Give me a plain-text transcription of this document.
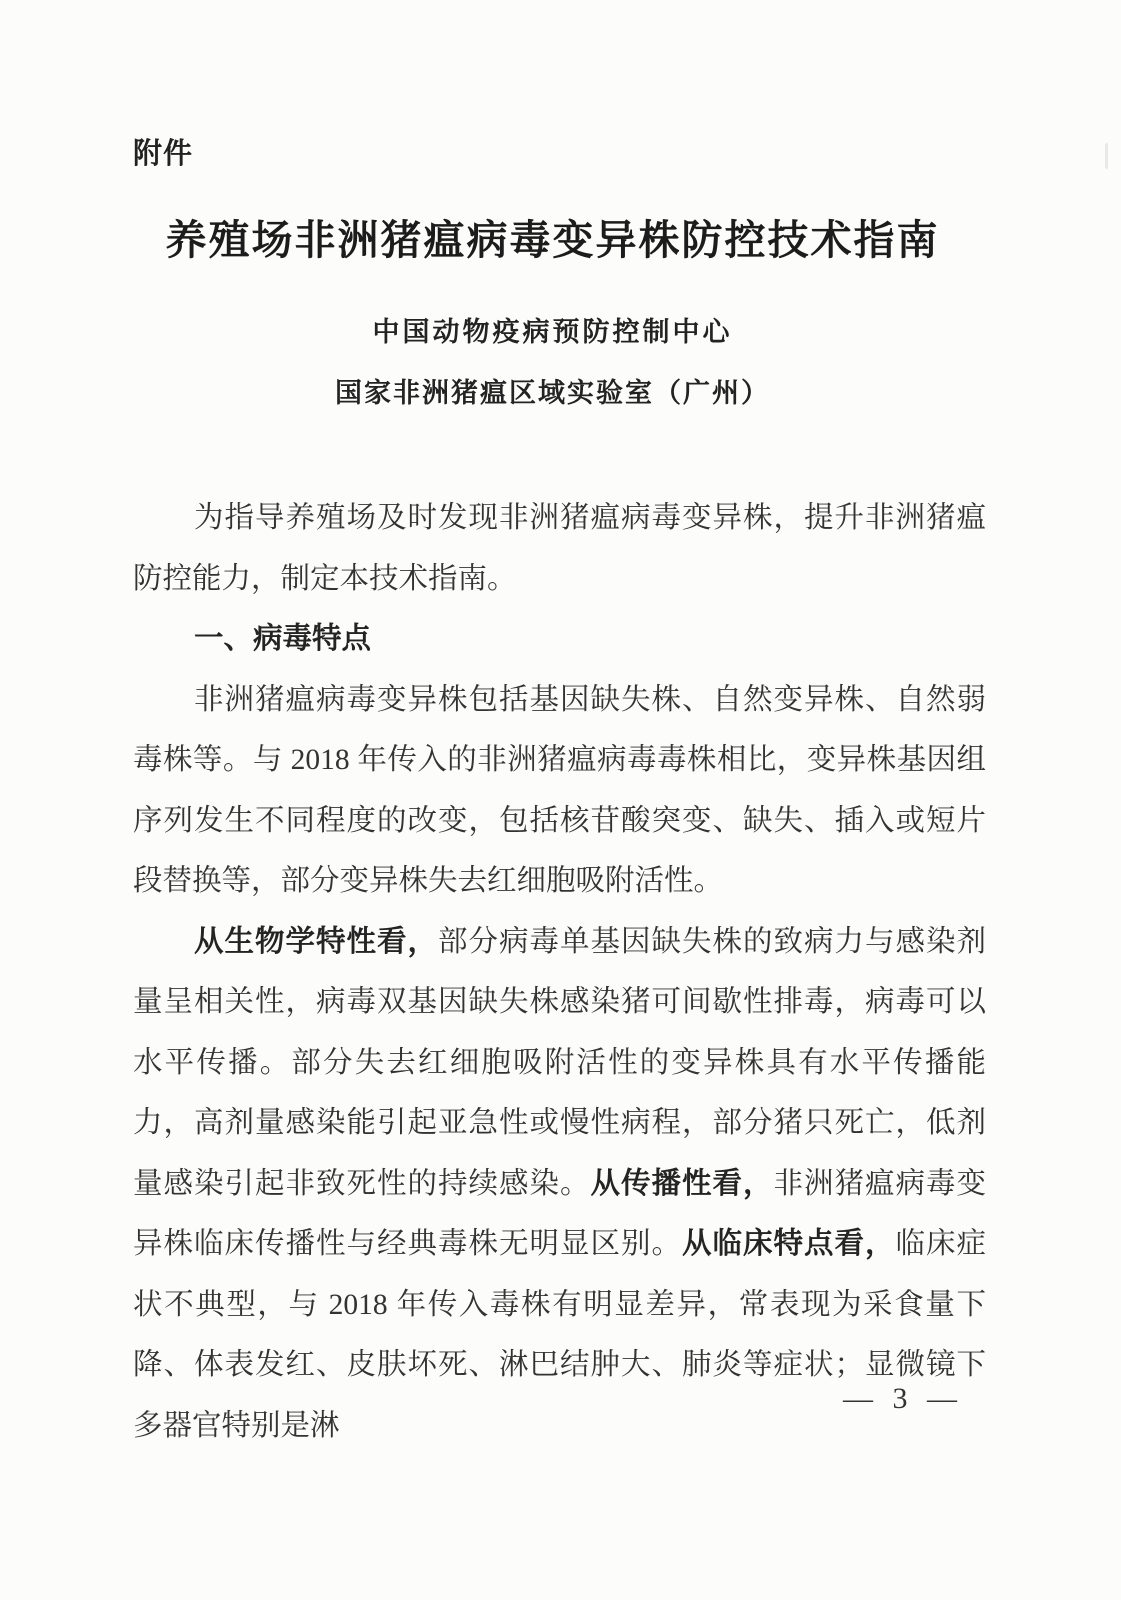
附件
养殖场非洲猪瘟病毒变异株防控技术指南
中国动物疫病预防控制中心
国家非洲猪瘟区域实验室（广州）

为指导养殖场及时发现非洲猪瘟病毒变异株，提升非洲猪瘟防控能力，制定本技术指南。

一、病毒特点

非洲猪瘟病毒变异株包括基因缺失株、自然变异株、自然弱毒株等。与 2018 年传入的非洲猪瘟病毒毒株相比，变异株基因组序列发生不同程度的改变，包括核苷酸突变、缺失、插入或短片段替换等，部分变异株失去红细胞吸附活性。

从生物学特性看，部分病毒单基因缺失株的致病力与感染剂量呈相关性，病毒双基因缺失株感染猪可间歇性排毒，病毒可以水平传播。部分失去红细胞吸附活性的变异株具有水平传播能力，高剂量感染能引起亚急性或慢性病程，部分猪只死亡，低剂量感染引起非致死性的持续感染。从传播性看，非洲猪瘟病毒变异株临床传播性与经典毒株无明显区别。从临床特点看，临床症状不典型，与 2018 年传入毒株有明显差异，常表现为采食量下降、体表发红、皮肤坏死、淋巴结肿大、肺炎等症状；显微镜下多器官特别是淋

— 3 —
